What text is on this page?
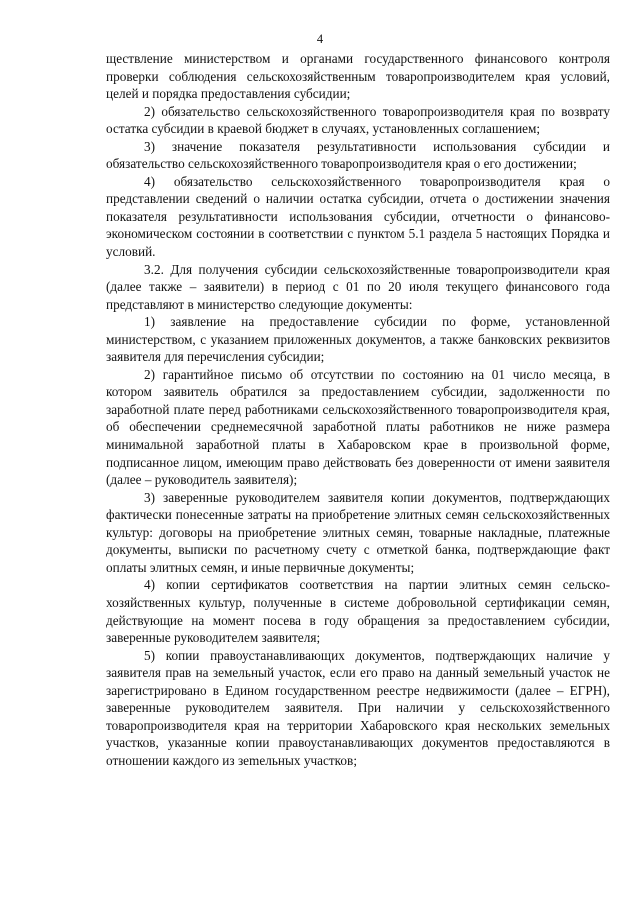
4

ществление министерством и органами государственного финансового контроля проверки соблюдения сельскохозяйственным товаропроизводителем края условий, целей и порядка предоставления субсидии;

2) обязательство сельскохозяйственного товаропроизводителя края по возврату остатка субсидии в краевой бюджет в случаях, установленных соглашением;

3) значение показателя результативности использования субсидии и обязательство сельскохозяйственного товаропроизводителя края о его достижении;

4) обязательство сельскохозяйственного товаропроизводителя края о представлении сведений о наличии остатка субсидии, отчета о достижении значения показателя результативности использования субсидии, отчетности о финансово-экономическом состоянии в соответствии с пунктом 5.1 раздела 5 настоящих Порядка и условий.

3.2. Для получения субсидии сельскохозяйственные товаропроизводители края (далее также – заявители) в период с 01 по 20 июля текущего финансового года представляют в министерство следующие документы:

1) заявление на предоставление субсидии по форме, установленной министерством, с указанием приложенных документов, а также банковских реквизитов заявителя для перечисления субсидии;

2) гарантийное письмо об отсутствии по состоянию на 01 число месяца, в котором заявитель обратился за предоставлением субсидии, задолженности по заработной плате перед работниками сельскохозяйственного товаропроизводителя края, об обеспечении среднемесячной заработной платы работников не ниже размера минимальной заработной платы в Хабаровском крае в произвольной форме, подписанное лицом, имеющим право действовать без доверенности от имени заявителя (далее – руководитель заявителя);

3) заверенные руководителем заявителя копии документов, подтверждающих фактически понесенные затраты на приобретение элитных семян сельскохозяйственных культур: договоры на приобретение элитных семян, товарные накладные, платежные документы, выписки по расчетному счету с отметкой банка, подтверждающие факт оплаты элитных семян, и иные первичные документы;

4) копии сертификатов соответствия на партии элитных семян сельскохозяйственных культур, полученные в системе добровольной сертификации семян, действующие на момент посева в году обращения за предоставлением субсидии, заверенные руководителем заявителя;

5) копии правоустанавливающих документов, подтверждающих наличие у заявителя прав на земельный участок, если его право на данный земельный участок не зарегистрировано в Едином государственном реестре недвижимости (далее – ЕГРН), заверенные руководителем заявителя. При наличии у сельскохозяйственного товаропроизводителя края на территории Хабаровского края нескольких земельных участков, указанные копии правоустанавливающих документов предоставляются в отношении каждого из зеmельных участков;
